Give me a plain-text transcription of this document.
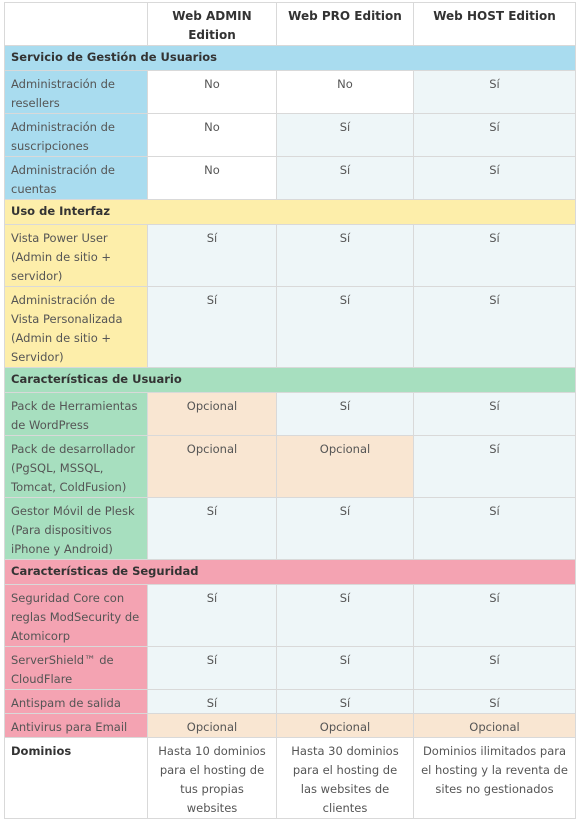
	Web ADMIN Edition	Web PRO Edition	Web HOST Edition
Servicio de Gestión de Usuarios			
Administración de resellers	No	No	Sí
Administración de suscripciones	No	Sí	Sí
Administración de cuentas	No	Sí	Sí
Uso de Interfaz			
Vista Power User (Admin de sitio + servidor)	Sí	Sí	Sí
Administración de Vista Personalizada (Admin de sitio + Servidor)	Sí	Sí	Sí
Características de Usuario			
Pack de Herramientas de WordPress	Opcional	Sí	Sí
Pack de desarrollador (PgSQL, MSSQL, Tomcat, ColdFusion)	Opcional	Opcional	Sí
Gestor Móvil de Plesk (Para dispositivos iPhone y Android)	Sí	Sí	Sí
Características de Seguridad			
Seguridad Core con reglas ModSecurity de Atomicorp	Sí	Sí	Sí
ServerShield™ de CloudFlare	Sí	Sí	Sí
Antispam de salida	Sí	Sí	Sí
Antivirus para Email	Opcional	Opcional	Opcional
Dominios	Hasta 10 dominios para el hosting de tus propias websites	Hasta 30 dominios para el hosting de las websites de clientes	Dominios ilimitados para el hosting y la reventa de sites no gestionados
